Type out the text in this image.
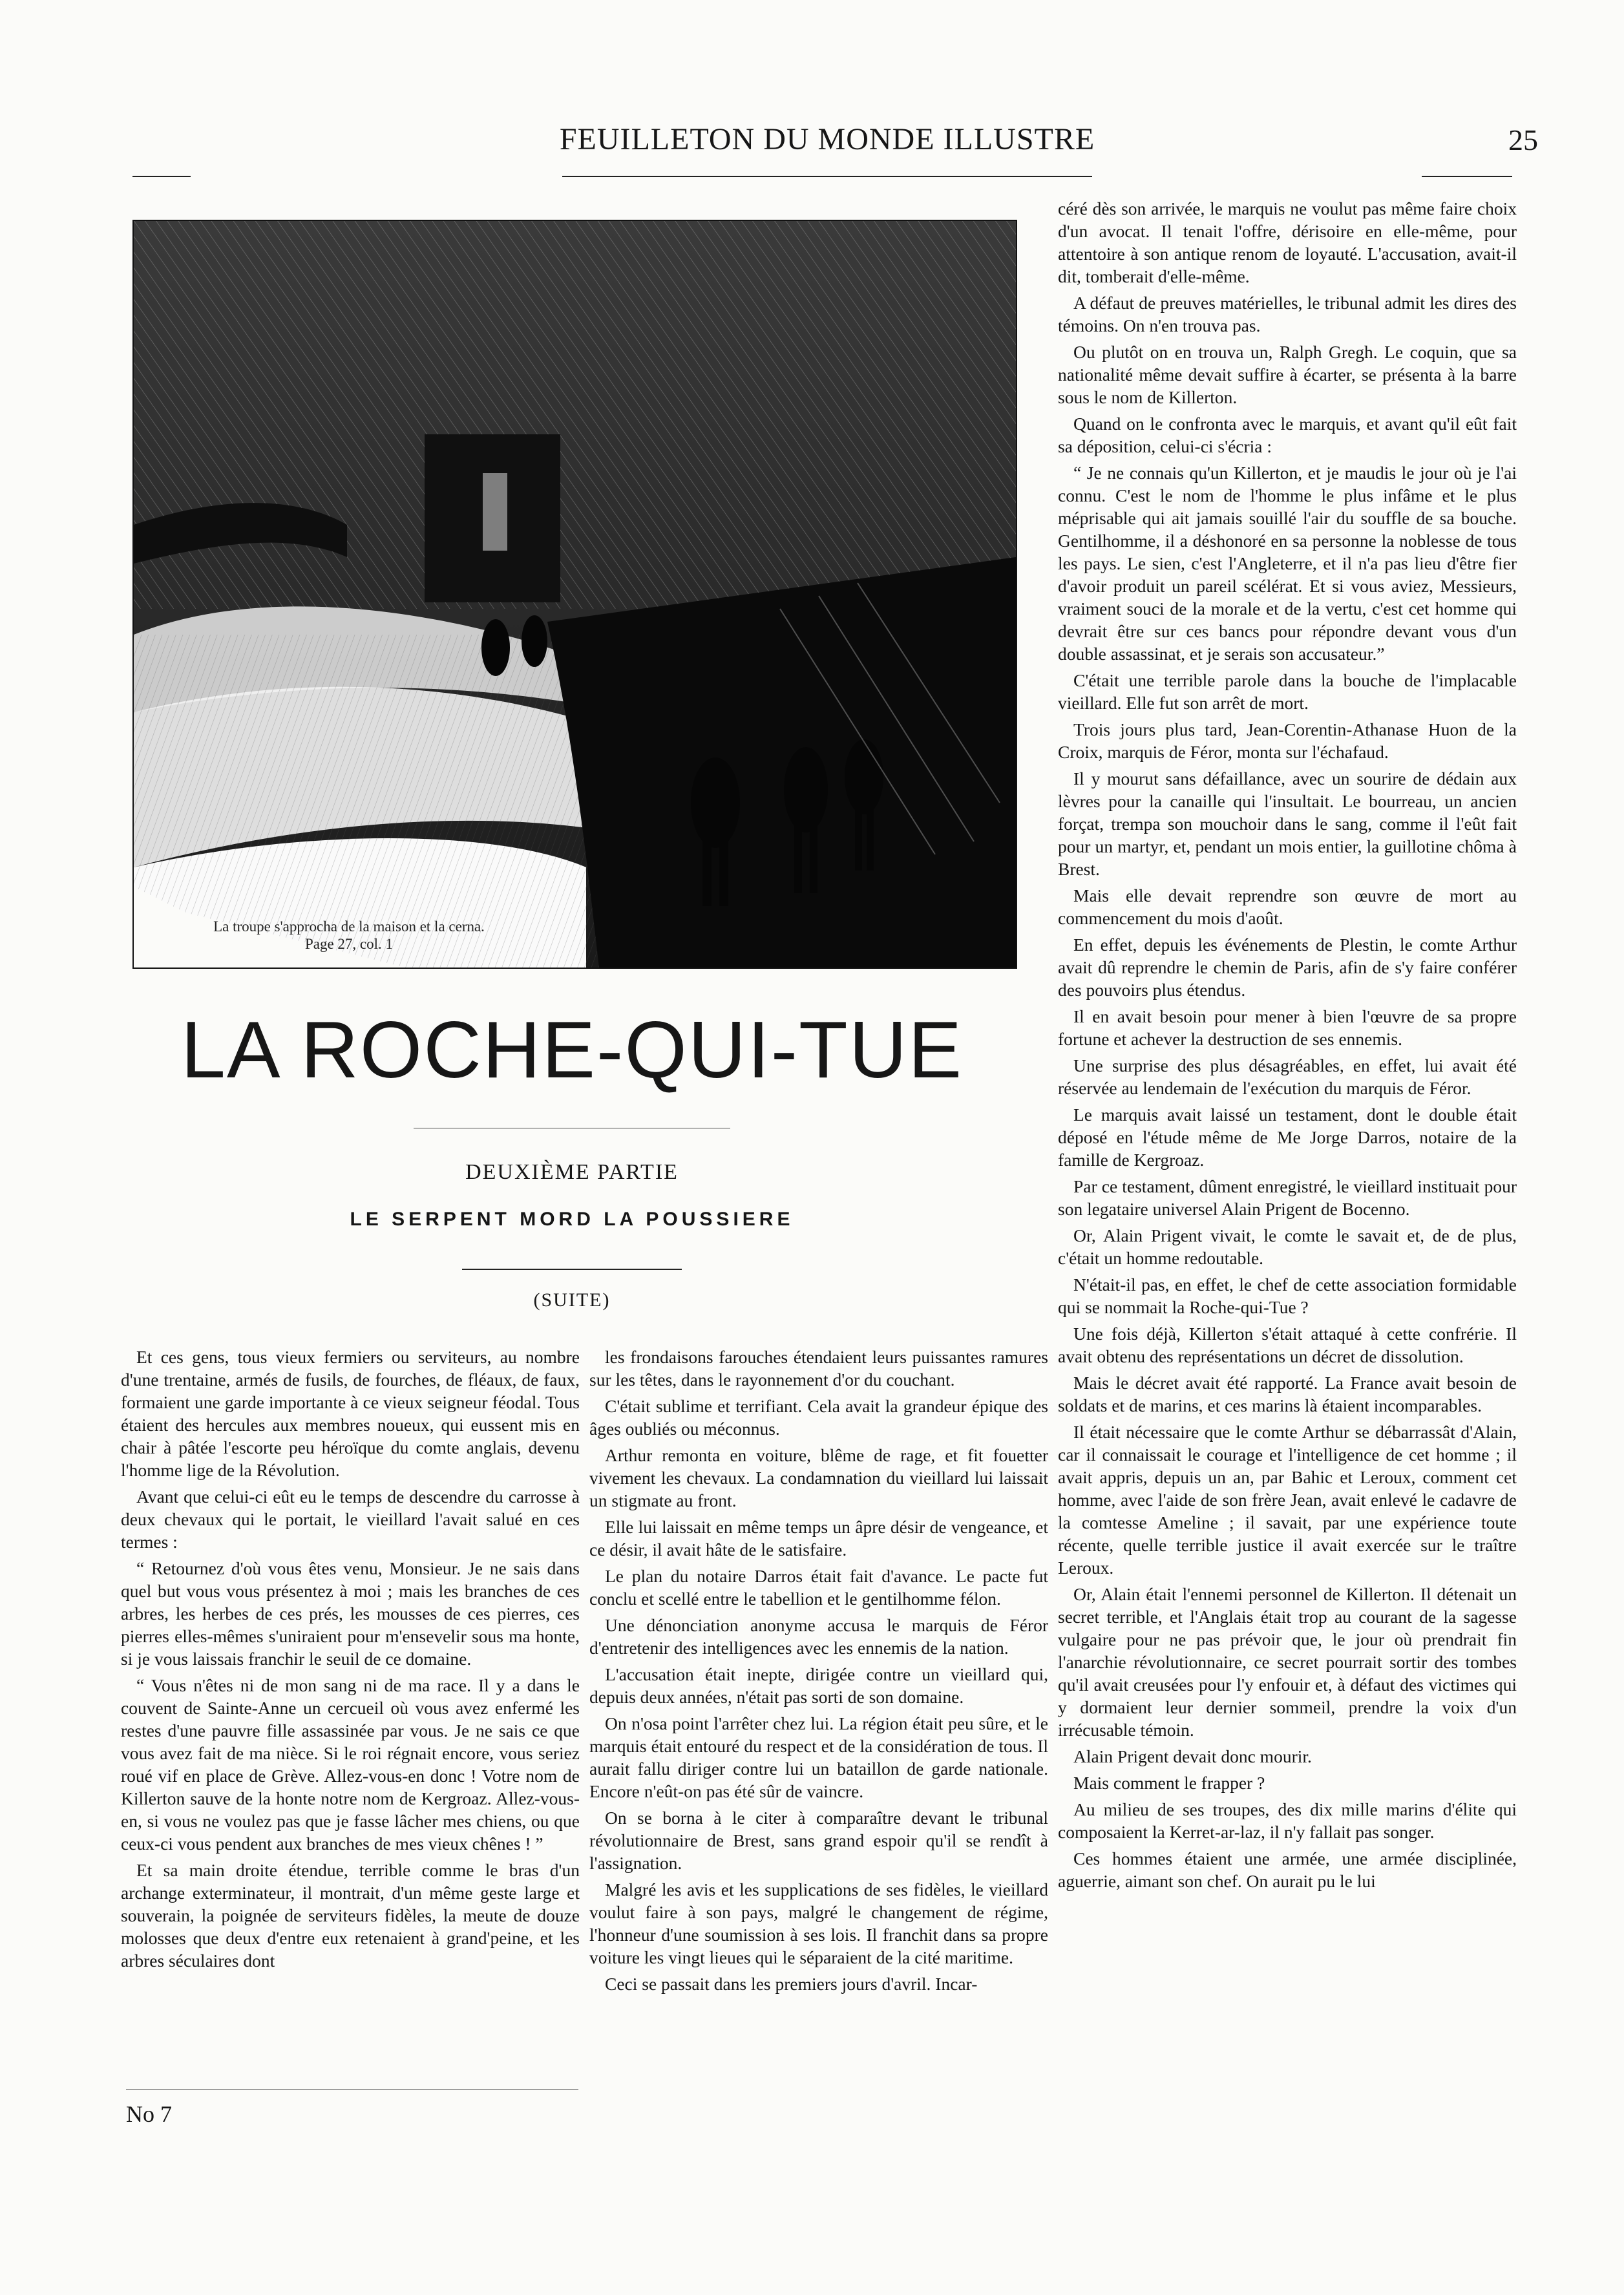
FEUILLETON DU MONDE ILLUSTRE	25
La troupe s'approcha de la maison et la cerna.
Page 27, col. 1
LA ROCHE-QUI-TUE
DEUXIÈME PARTIE
LE SERPENT MORD LA POUSSIERE
(SUITE)

Et ces gens, tous vieux fermiers ou serviteurs, au nombre d'une trentaine, armés de fusils, de fourches, de fléaux, de faux, formaient une garde importante à ce vieux seigneur féodal. Tous étaient des hercules aux membres noueux, qui eussent mis en chair à pâtée l'escorte peu héroïque du comte anglais, devenu l'homme lige de la Révolution.

Avant que celui-ci eût eu le temps de descendre du carrosse à deux chevaux qui le portait, le vieillard l'avait salué en ces termes :

“ Retournez d'où vous êtes venu, Monsieur. Je ne sais dans quel but vous vous présentez à moi ; mais les branches de ces arbres, les herbes de ces prés, les mousses de ces pierres, ces pierres elles-mêmes s'uniraient pour m'ensevelir sous ma honte, si je vous laissais franchir le seuil de ce domaine.

“ Vous n'êtes ni de mon sang ni de ma race. Il y a dans le couvent de Sainte-Anne un cercueil où vous avez enfermé les restes d'une pauvre fille assassinée par vous. Je ne sais ce que vous avez fait de ma nièce. Si le roi régnait encore, vous seriez roué vif en place de Grève. Allez-vous-en donc ! Votre nom de Killerton sauve de la honte notre nom de Kergroaz. Allez-vous-en, si vous ne voulez pas que je fasse lâcher mes chiens, ou que ceux-ci vous pendent aux branches de mes vieux chênes ! ”

Et sa main droite étendue, terrible comme le bras d'un archange exterminateur, il montrait, d'un même geste large et souverain, la poignée de serviteurs fidèles, la meute de douze molosses que deux d'entre eux retenaient à grand'peine, et les arbres séculaires dont

les frondaisons farouches étendaient leurs puissantes ramures sur les têtes, dans le rayonnement d'or du couchant.

C'était sublime et terrifiant. Cela avait la grandeur épique des âges oubliés ou méconnus.

Arthur remonta en voiture, blême de rage, et fit fouetter vivement les chevaux. La condamnation du vieillard lui laissait un stigmate au front.

Elle lui laissait en même temps un âpre désir de vengeance, et ce désir, il avait hâte de le satisfaire.

Le plan du notaire Darros était fait d'avance. Le pacte fut conclu et scellé entre le tabellion et le gentilhomme félon.

Une dénonciation anonyme accusa le marquis de Féror d'entretenir des intelligences avec les ennemis de la nation.

L'accusation était inepte, dirigée contre un vieillard qui, depuis deux années, n'était pas sorti de son domaine.

On n'osa point l'arrêter chez lui. La région était peu sûre, et le marquis était entouré du respect et de la considération de tous. Il aurait fallu diriger contre lui un bataillon de garde nationale. Encore n'eût-on pas été sûr de vaincre.

On se borna à le citer à comparaître devant le tribunal révolutionnaire de Brest, sans grand espoir qu'il se rendît à l'assignation.

Malgré les avis et les supplications de ses fidèles, le vieillard voulut faire à son pays, malgré le changement de régime, l'honneur d'une soumission à ses lois. Il franchit dans sa propre voiture les vingt lieues qui le séparaient de la cité maritime.

Ceci se passait dans les premiers jours d'avril. Incar-

céré dès son arrivée, le marquis ne voulut pas même faire choix d'un avocat. Il tenait l'offre, dérisoire en elle-même, pour attentoire à son antique renom de loyauté. L'accusation, avait-il dit, tomberait d'elle-même.

A défaut de preuves matérielles, le tribunal admit les dires des témoins. On n'en trouva pas.

Ou plutôt on en trouva un, Ralph Gregh. Le coquin, que sa nationalité même devait suffire à écarter, se présenta à la barre sous le nom de Killerton.

Quand on le confronta avec le marquis, et avant qu'il eût fait sa déposition, celui-ci s'écria :

“ Je ne connais qu'un Killerton, et je maudis le jour où je l'ai connu. C'est le nom de l'homme le plus infâme et le plus méprisable qui ait jamais souillé l'air du souffle de sa bouche. Gentilhomme, il a déshonoré en sa personne la noblesse de tous les pays. Le sien, c'est l'Angleterre, et il n'a pas lieu d'être fier d'avoir produit un pareil scélérat. Et si vous aviez, Messieurs, vraiment souci de la morale et de la vertu, c'est cet homme qui devrait être sur ces bancs pour répondre devant vous d'un double assassinat, et je serais son accusateur.”

C'était une terrible parole dans la bouche de l'implacable vieillard. Elle fut son arrêt de mort.

Trois jours plus tard, Jean-Corentin-Athanase Huon de la Croix, marquis de Féror, monta sur l'échafaud.

Il y mourut sans défaillance, avec un sourire de dédain aux lèvres pour la canaille qui l'insultait. Le bourreau, un ancien forçat, trempa son mouchoir dans le sang, comme il l'eût fait pour un martyr, et, pendant un mois entier, la guillotine chôma à Brest.

Mais elle devait reprendre son œuvre de mort au commencement du mois d'août.

En effet, depuis les événements de Plestin, le comte Arthur avait dû reprendre le chemin de Paris, afin de s'y faire conférer des pouvoirs plus étendus.

Il en avait besoin pour mener à bien l'œuvre de sa propre fortune et achever la destruction de ses ennemis.

Une surprise des plus désagréables, en effet, lui avait été réservée au lendemain de l'exécution du marquis de Féror.

Le marquis avait laissé un testament, dont le double était déposé en l'étude même de Me Jorge Darros, notaire de la famille de Kergroaz.

Par ce testament, dûment enregistré, le vieillard instituait pour son legataire universel Alain Prigent de Bocenno.

Or, Alain Prigent vivait, le comte le savait et, de de plus, c'était un homme redoutable.

N'était-il pas, en effet, le chef de cette association formidable qui se nommait la Roche-qui-Tue ?

Une fois déjà, Killerton s'était attaqué à cette confrérie. Il avait obtenu des représentations un décret de dissolution.

Mais le décret avait été rapporté. La France avait besoin de soldats et de marins, et ces marins là étaient incomparables.

Il était nécessaire que le comte Arthur se débarrassât d'Alain, car il connaissait le courage et l'intelligence de cet homme ; il avait appris, depuis un an, par Bahic et Leroux, comment cet homme, avec l'aide de son frère Jean, avait enlevé le cadavre de la comtesse Ameline ; il savait, par une expérience toute récente, quelle terrible justice il avait exercée sur le traître Leroux.

Or, Alain était l'ennemi personnel de Killerton. Il détenait un secret terrible, et l'Anglais était trop au courant de la sagesse vulgaire pour ne pas prévoir que, le jour où prendrait fin l'anarchie révolutionnaire, ce secret pourrait sortir des tombes qu'il avait creusées pour l'y enfouir et, à défaut des victimes qui y dormaient leur dernier sommeil, prendre la voix d'un irrécusable témoin.

Alain Prigent devait donc mourir.

Mais comment le frapper ?

Au milieu de ses troupes, des dix mille marins d'élite qui composaient la Kerret-ar-laz, il n'y fallait pas songer.

Ces hommes étaient une armée, une armée disciplinée, aguerrie, aimant son chef. On aurait pu le lui

No 7
